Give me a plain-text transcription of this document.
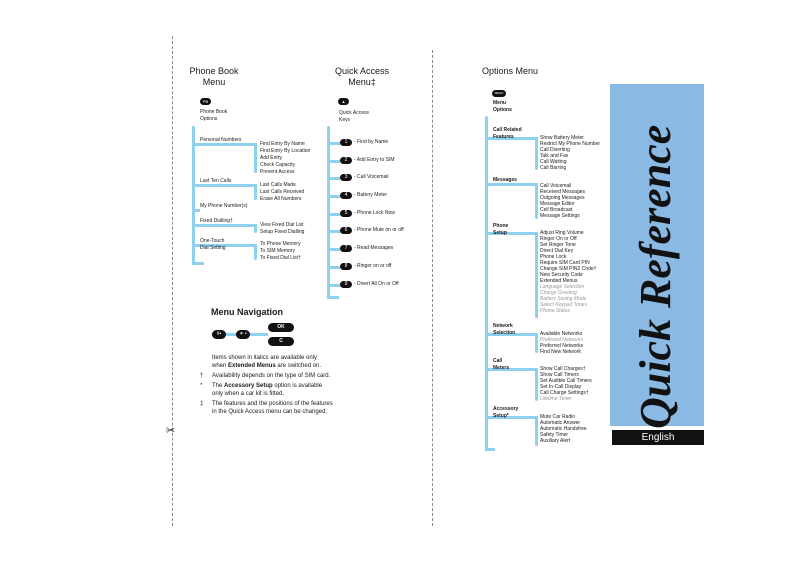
✂
Phone Book
Menu
PB
Phone Book
Options
Personal Numbers
Find Entry By Name
Find Entry By Location
Add Entry
Check Capacity
Prevent Access
Last Ten Calls
Last Calls Made
Last Calls Received
Erase All Numbers
My Phone Number(s)
Fixed Dialling†
View Fixed Dial List
Setup Fixed Dialling
One-Touch
Dial Setting
To Phone Memory
To SIM Memory
To Fixed Dial List†
Quick Access
Menu‡
▲
Quick Access
Keys
1	- Find by Name
2	- Add Entry to SIM
3	- Call Voicemail
4	- Battery Meter
5	- Phone Lock Now
6	- Phone Mute on or off
7	- Read Messages
8	- Ringer on or off
9	- Divert All On or Off
Menu Navigation
#•	✶ •
OK
C
Items shown in italics are available only
when Extended Menus are switched on.
† Availability depends on the type of SIM card.
* The Accessory Setup option is available
only when a car kit is fitted.
‡ The features and the positions of the features
in the Quick Access menu can be changed.
Options Menu
MENU
Menu
Options
Call Related
Features	Show Battery Meter
Restrict My Phone Number
Call Diverting
Talk and Fax
Call Waiting
Call Barring
Messages
Call Voicemail
Received Messages
Outgoing Messages
Message Editor
Cell Broadcast
Message Settings
Phone
Setup	Adjust Ring Volume
Ringer On or Off
Set Ringer Tone
Direct Dial Key
Phone Lock
Require SIM Card PIN
Change SIM PIN2 Code†
New Security Code
Extended Menus
Language Selection
Charge Greeting
Battery Saving Mode
Select Keypad Tones
Phone Status
Network
Selection	Available Networks
Preferred Networks
Preferred Networks
Find New Network
Call
Meters	Show Call Charges†
Show Call Timers
Set Audible Call Timers
Set In-Call Display
Call Charge Settings†
Lifetime Timer
Accessory
Setup*	Mute Car Radio
Automatic Answer
Automatic Handsfree
Safety Timer
Auxiliary Alert
Quick Reference
English
